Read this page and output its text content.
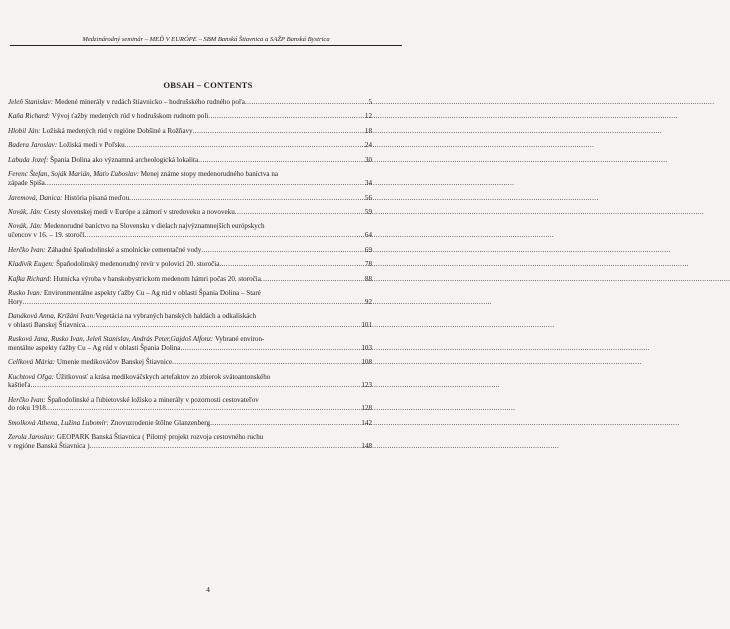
Medzinárodný seminár – MEĎ V EURÓPE – SBM Banská Štiavnica a SAŽP Banská Bystrica
OBSAH – CONTENTS
Jeleň Stanislav: Medené minerály v rudách štiavnicko – hodrušského rudného poľa .....	5
Kaňa Richard: Vývoj ťažby medených rúd v hodrušskom rudnom poli .....	12
Hlobil Ján: Ložiská medených rúd v regióne Dobšiné a Rožňavy .....	18
Badera Jaroslav: Ložiská medi v Poľsku .....	24
Labuda Jozef: Špania Dolina ako významná archeologická lokalita .....	30
Ferenc Štefan, Soják Marián, Maťo Ľuboslav: Menej známe stopy medenorudného baníctva na
západe Spiša .....	34
Jaremová, Danica: História písaná meďou .....	56
Novák, Ján: Cesty slovenskej medi v Európe a zámorí v stredoveku a novoveku .....	59
Novák, Ján: Medenorudné baníctvo na Slovensku v dielach najvýznamnejších európskych
učencov v 16. – 19. storočí .....	64
Herčko Ivan: Záhadné špaňodolinské a smolnícke cementačné vody .....	69
Kladivík Eugen: Špaňodolinský medenorudný revír v polovici 20. storočia .....	78
Kafka Richard: Hutnícka výroba v banskobystrickom medenom hámri počas 20. storočia .....	88
Rusko Ivan: Environmentálne aspekty ťažby Cu – Ag rúd v oblasti Špania Dolina – Staré
Hory .....	92
Danáková Anna, Križáni Ivan:Vegetácia na vybraných banských haldách a odkaliskách
v oblasti Banskej Štiavnica .....	101
Rusková Jana, Rusko Ivan, Jeleň Stanislav, András Peter,Gajdoš Alfonz: Vybrané environ-
mentálne aspekty ťažby Cu – Ag rúd v oblasti Špania Dolina .....	103
Cellková Mária: Umenie medikováčov Banskej Štiavnice .....	108
Kuchtová Oľga: Úžitkovosť a krása medikováčskych artefaktov zo zbierok svätoantonského
kaštieľa .....	123
Herčko Ivan: Špaňodolinské a ľubietovské ložisko a minerály v pozornosti cestovateľov
do roku 1918 .....	128
Smolková Athena, Lužina Lubomír: Znovuzrodenie štôlne Glanzenberg .....	142
Zerola Jaroslav: GEOPARK Banská Štiavnica ( Pilotný projekt rozvoja cestovného ruchu
v regióne Banská Štiavnica ) .....	148
4
